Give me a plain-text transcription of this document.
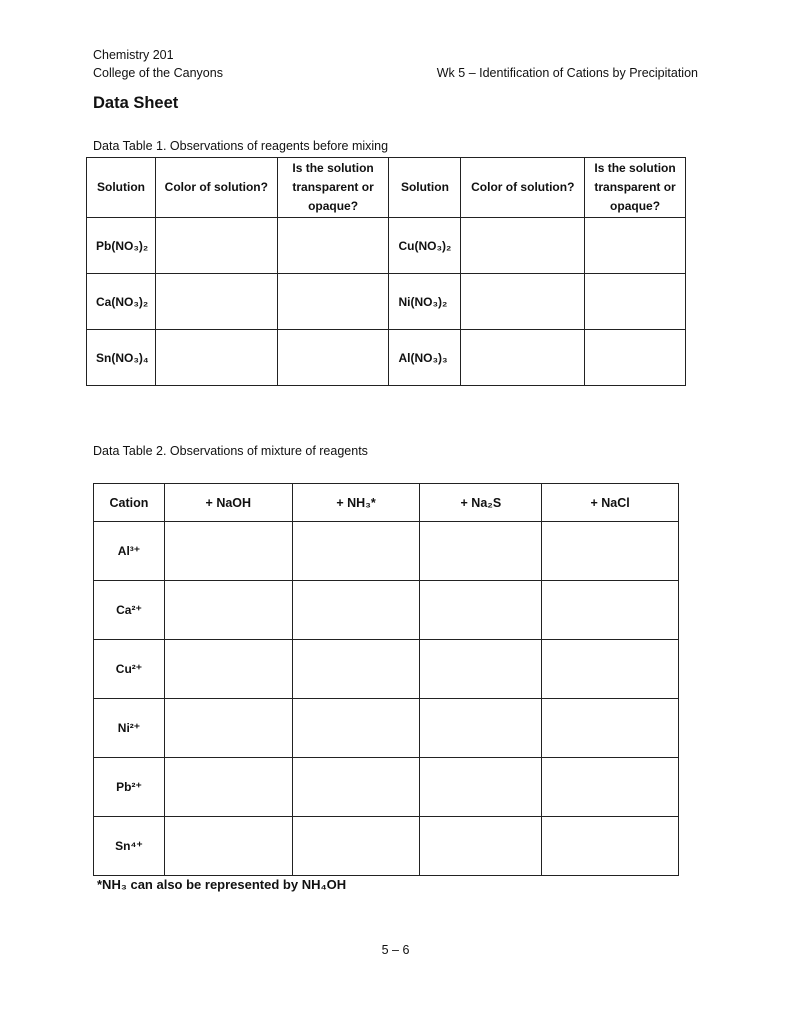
Chemistry 201
College of the Canyons	Wk 5 – Identification of Cations by Precipitation
Data Sheet
Data Table 1. Observations of reagents before mixing
Solution	Color of solution?	Is the solution transparent or opaque?	Solution	Color of solution?	Is the solution transparent or opaque?
Pb(NO₃)₂			Cu(NO₃)₂		
Ca(NO₃)₂			Ni(NO₃)₂		
Sn(NO₃)₄			Al(NO₃)₃		
Data Table 2. Observations of mixture of reagents
Cation	+ NaOH	+ NH₃*	+ Na₂S	+ NaCl
Al³⁺				
Ca²⁺				
Cu²⁺				
Ni²⁺				
Pb²⁺				
Sn⁴⁺				
*NH₃ can also be represented by NH₄OH
5 – 6
